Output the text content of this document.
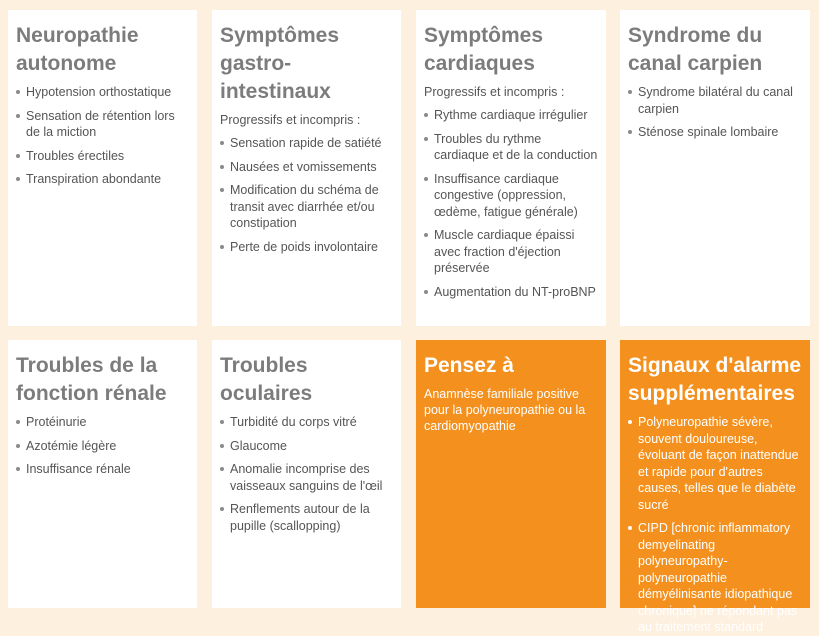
Neuropathie autonome
Hypotension orthostatique
Sensation de rétention lors de la miction
Troubles érectiles
Transpiration abondante
Symptômes gastro-intestinaux

Progressifs et incompris :

Sensation rapide de satiété
Nausées et vomissements
Modification du schéma de transit avec diarrhée et/ou constipation
Perte de poids involontaire
Symptômes cardiaques

Progressifs et incompris :

Rythme cardiaque irrégulier
Troubles du rythme cardiaque et de la conduction
Insuffisance cardiaque congestive (oppression, œdème, fatigue générale)
Muscle cardiaque épaissi avec fraction d'éjection préservée
Augmentation du NT-proBNP
Syndrome du canal carpien
Syndrome bilatéral du canal carpien
Sténose spinale lombaire
Troubles de la fonction rénale
Protéinurie
Azotémie légère
Insuffisance rénale
Troubles oculaires
Turbidité du corps vitré
Glaucome
Anomalie incomprise des vaisseaux sanguins de l'œil
Renflements autour de la pupille (scallopping)
Pensez à

Anamnèse familiale positive pour la polyneuropathie ou la cardiomyopathie

Signaux d'alarme supplémentaires
Polyneuropathie sévère, souvent douloureuse, évoluant de façon inattendue et rapide pour d'autres causes, telles que le diabète sucré
CIPD [chronic inflammatory demyelinating polyneuropathy-polyneuropathie démyélinisante idiopathique chronique] ne répondant pas au traitement standard
